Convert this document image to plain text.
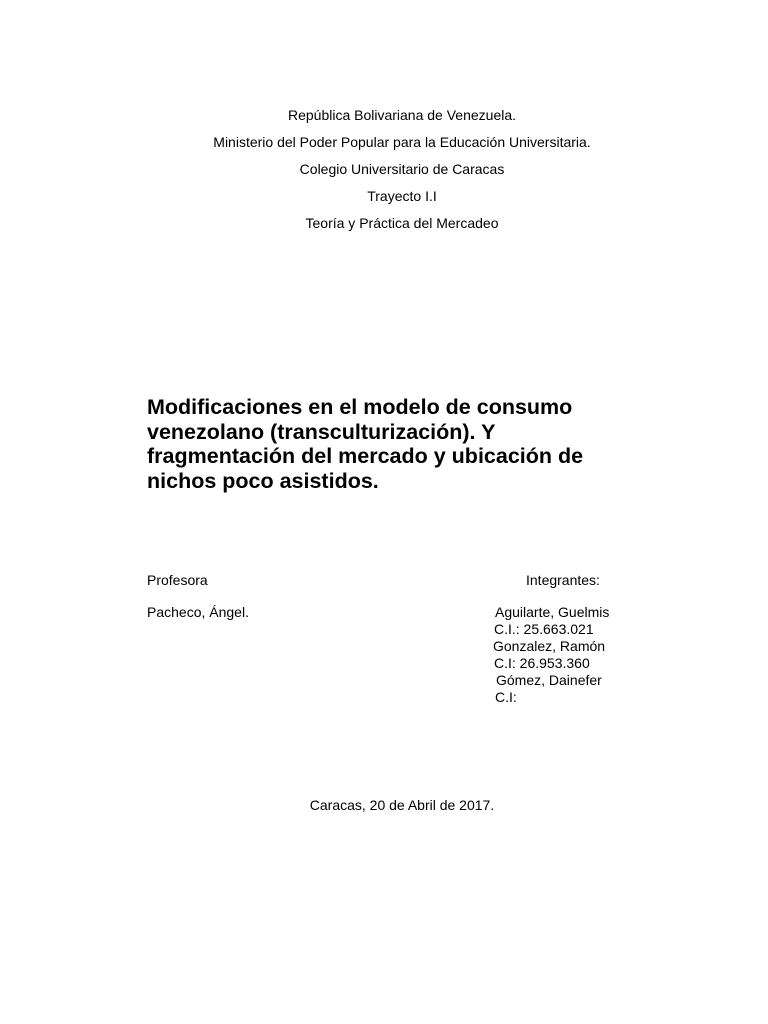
República Bolivariana de Venezuela.
Ministerio del Poder Popular para la Educación Universitaria.
Colegio Universitario de Caracas
Trayecto I.I
Teoría y Práctica del Mercadeo
Modificaciones en el modelo de consumo venezolano (transculturización). Y fragmentación del mercado y ubicación de nichos poco asistidos.
Profesora
Pacheco, Ángel.
Integrantes:
Aguilarte, Guelmis
C.I.: 25.663.021
Gonzalez, Ramón
C.I: 26.953.360
Gómez, Dainefer
C.I:
Caracas, 20 de Abril de 2017.
